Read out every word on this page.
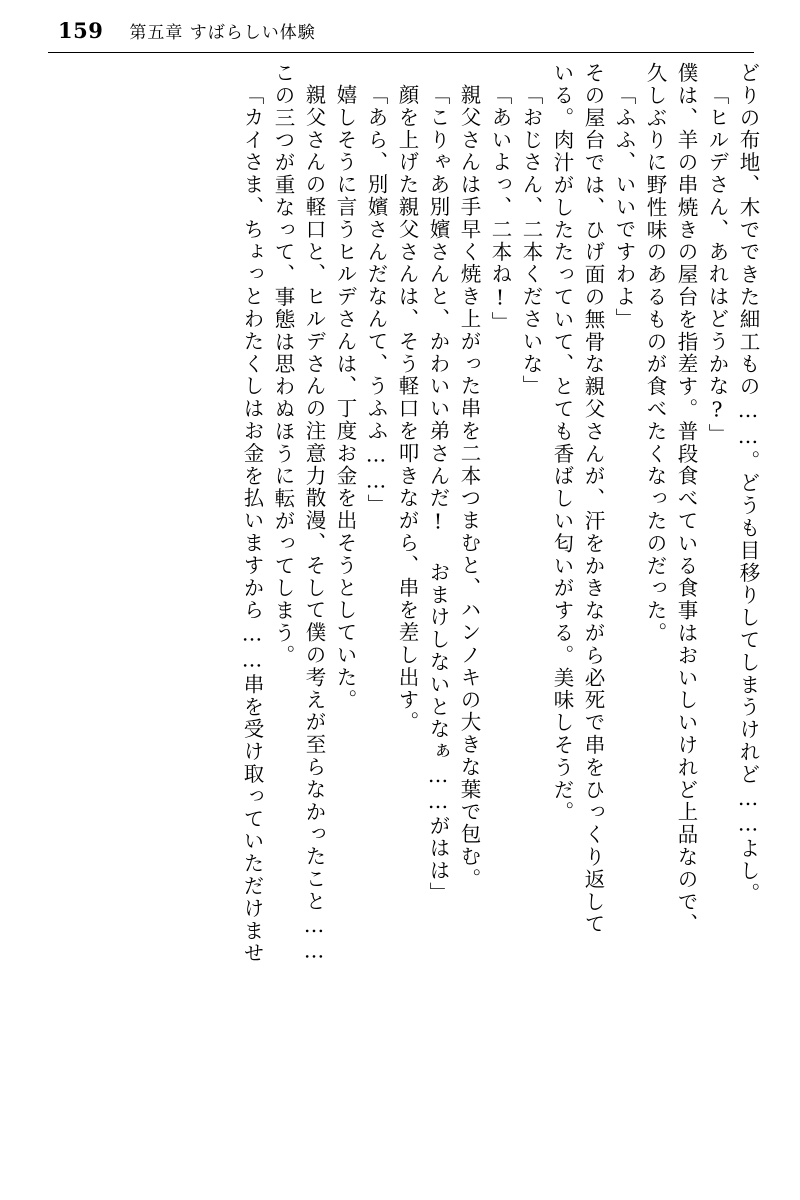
159 第五章 すばらしい体験
どりの布地、木でできた細工もの……。どうも目移りしてしまうけれど……よし。
「ヒルデさん、あれはどうかな?」
僕は、羊の串焼きの屋台を指差す。普段食べている食事はおいしいけれど上品なので、
久しぶりに野性味のあるものが食べたくなったのだった。
「ふふ、いいですわよ」
その屋台では、ひげ面の無骨な親父さんが、汗をかきながら必死で串をひっくり返して
いる。肉汁がしたたっていて、とても香ばしい匂いがする。美味しそうだ。
「おじさん、二本くださいな」
「あいよっ、二本ね!」
親父さんは手早く焼き上がった串を二本つまむと、ハンノキの大きな葉で包む。
「こりゃあ別嬪さんと、かわいい弟さんだ! おまけしないとなぁ……がはは」
顔を上げた親父さんは、そう軽口を叩きながら、串を差し出す。
「あら、別嬪さんだなんて、うふふ……」
嬉しそうに言うヒルデさんは、丁度お金を出そうとしていた。
親父さんの軽口と、ヒルデさんの注意力散漫、そして僕の考えが至らなかったこと……
この三つが重なって、事態は思わぬほうに転がってしまう。
「カイさま、ちょっとわたくしはお金を払いますから……串を受け取っていただけませ
